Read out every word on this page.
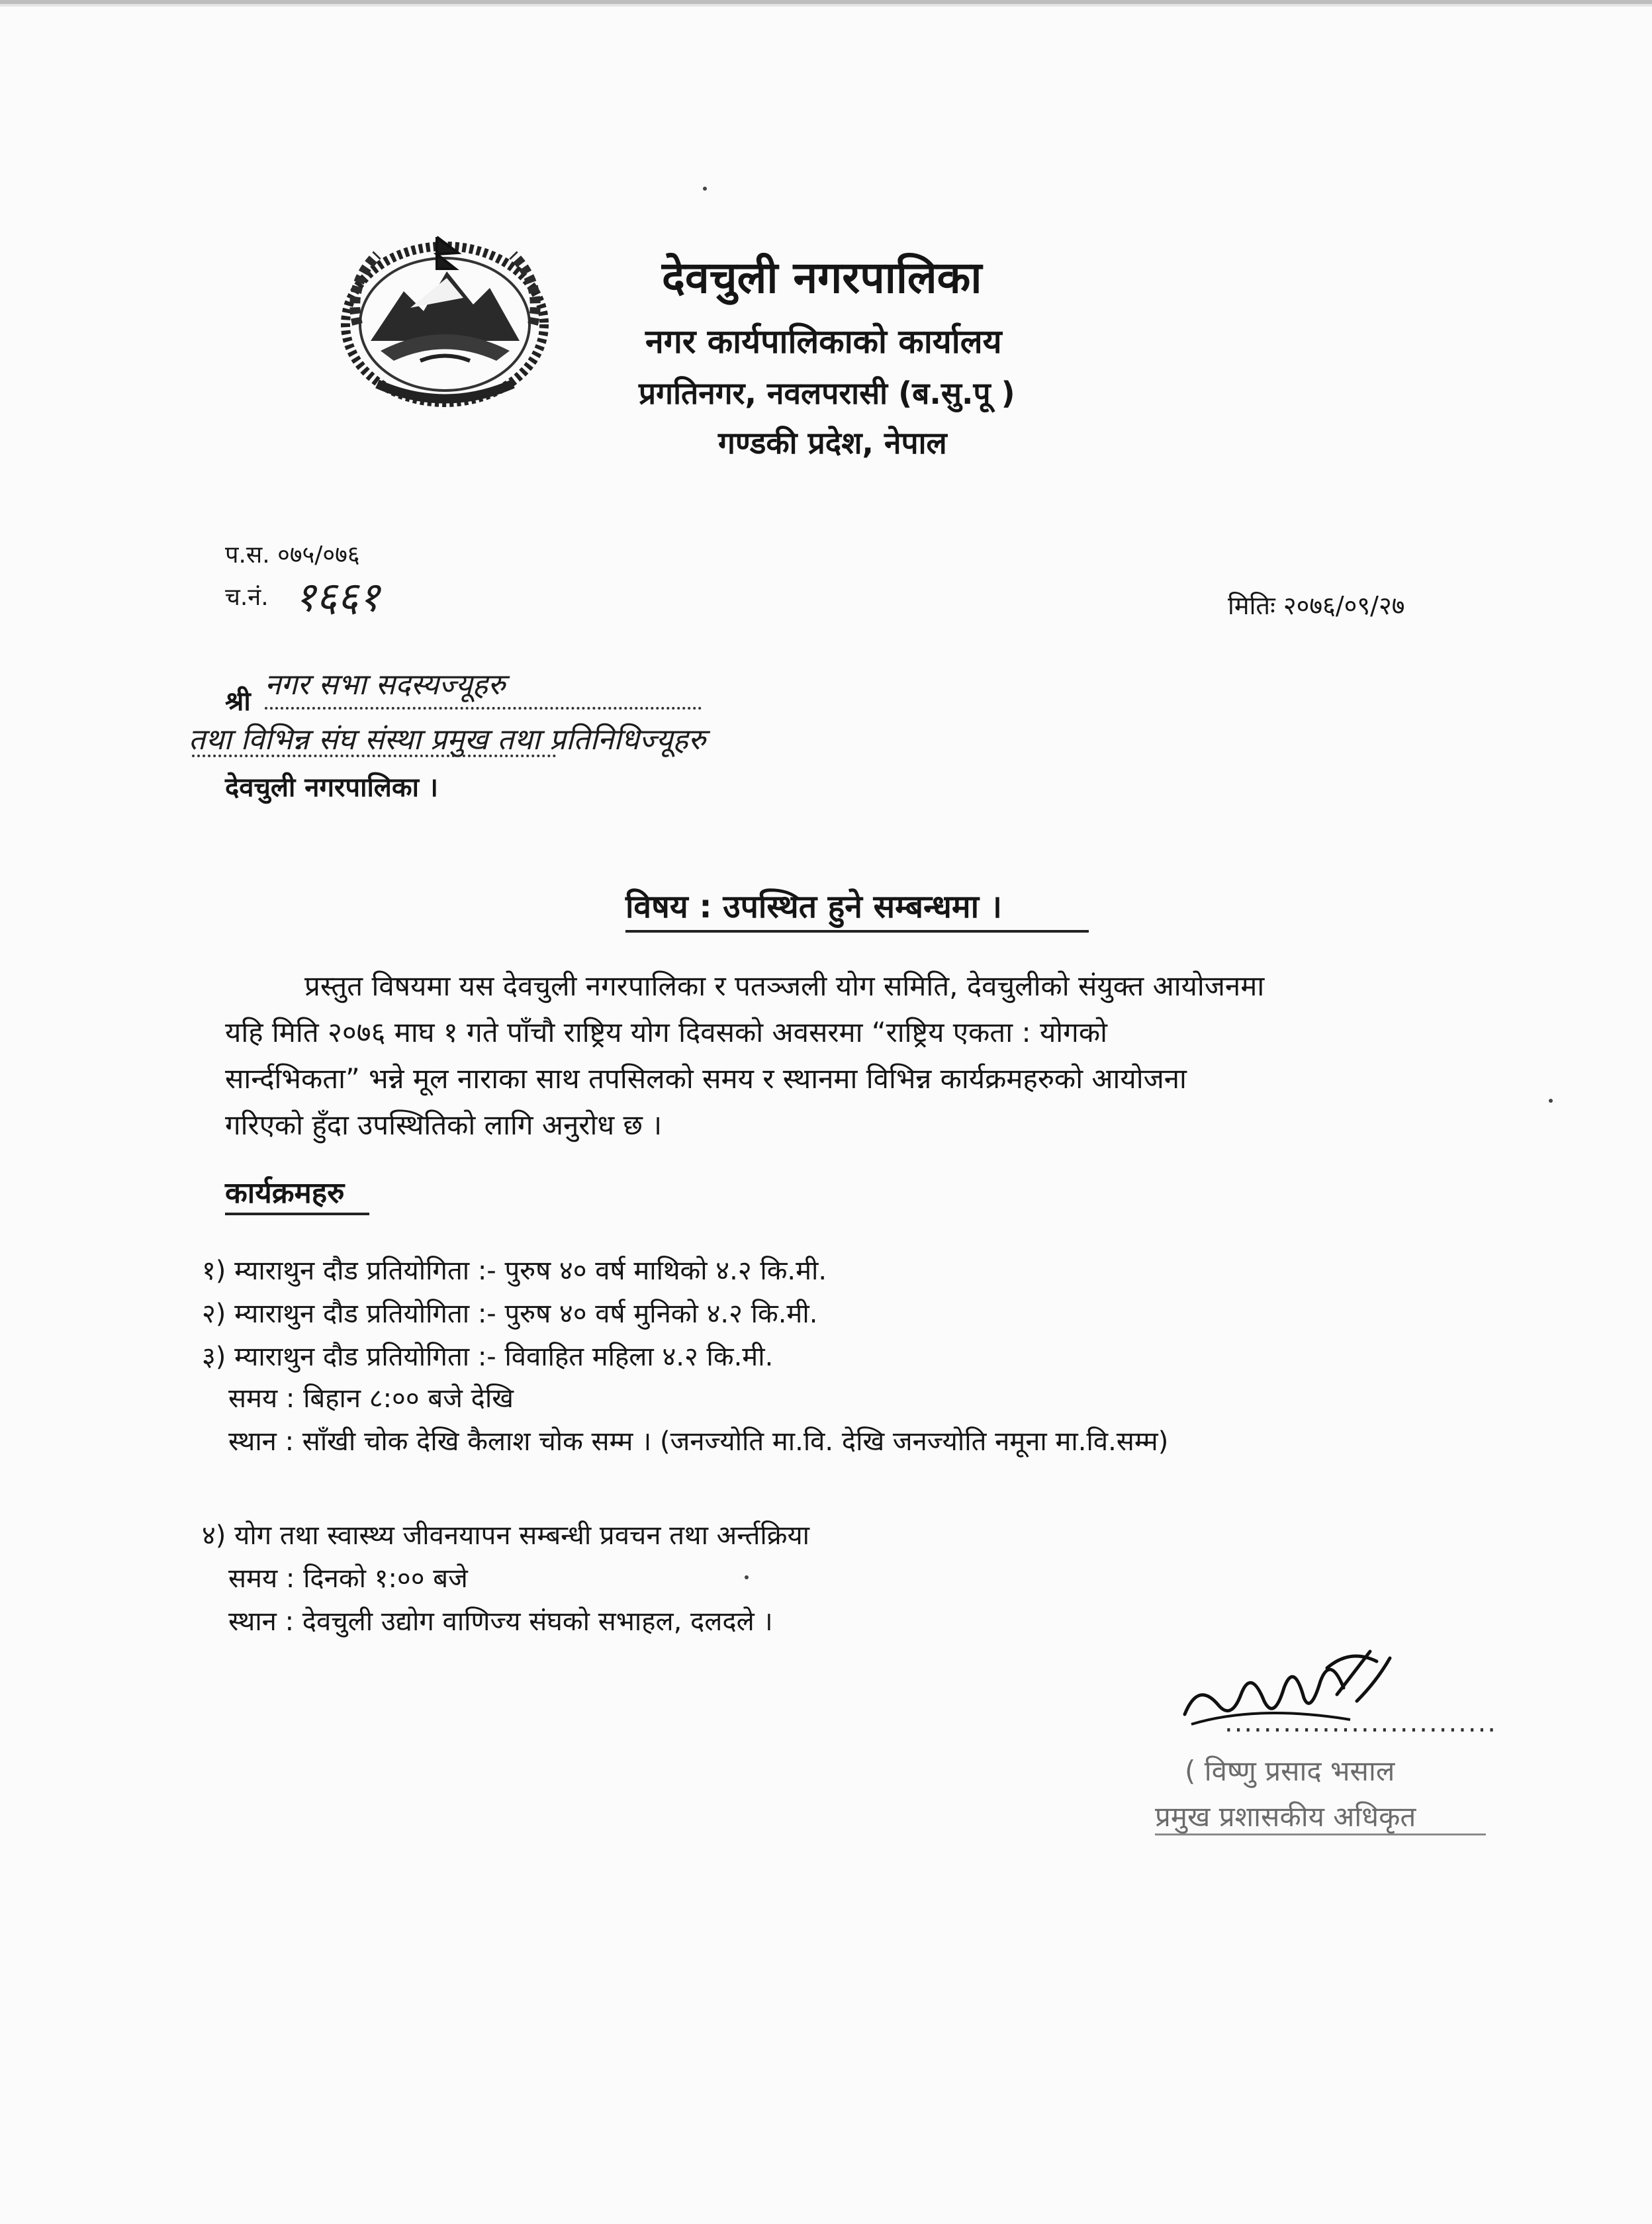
देवचुली नगरपालिका
नगर कार्यपालिकाको कार्यालय
प्रगतिनगर, नवलपरासी (ब.सु.पू )
गण्डकी प्रदेश, नेपाल
प.स. ०७५/०७६
च.नं. १६६१	मितिः २०७६/०९/२७
श्री नगर सभा सदस्यज्यूहरु
तथा विभिन्न संघ संस्था प्रमुख तथा प्रतिनिधिज्यूहरु
देवचुली नगरपालिका ।
विषय : उपस्थित हुने सम्बन्धमा ।
प्रस्तुत विषयमा यस देवचुली नगरपालिका र पतञ्जली योग समिति, देवचुलीको संयुक्त आयोजनमा
यहि मिति २०७६ माघ १ गते पाँचौ राष्ट्रिय योग दिवसको अवसरमा “राष्ट्रिय एकता : योगको
सार्न्दभिकता” भन्ने मूल नाराका साथ तपसिलको समय र स्थानमा विभिन्न कार्यक्रमहरुको आयोजना
गरिएको हुँदा उपस्थितिको लागि अनुरोध छ ।
कार्यक्रमहरु
१) म्याराथुन दौड प्रतियोगिता :- पुरुष ४० वर्ष माथिको ४.२ कि.मी.
२) म्याराथुन दौड प्रतियोगिता :- पुरुष ४० वर्ष मुनिको ४.२ कि.मी.
३) म्याराथुन दौड प्रतियोगिता :- विवाहित महिला ४.२ कि.मी.
समय : बिहान ८:०० बजे देखि
स्थान : साँखी चोक देखि कैलाश चोक सम्म । (जनज्योति मा.वि. देखि जनज्योति नमूना मा.वि.सम्म)
४) योग तथा स्वास्थ्य जीवनयापन सम्बन्धी प्रवचन तथा अर्न्तक्रिया
समय : दिनको १:०० बजे
स्थान : देवचुली उद्योग वाणिज्य संघको सभाहल, दलदले ।
............................
( विष्णु प्रसाद भसाल
प्रमुख प्रशासकीय अधिकृत
